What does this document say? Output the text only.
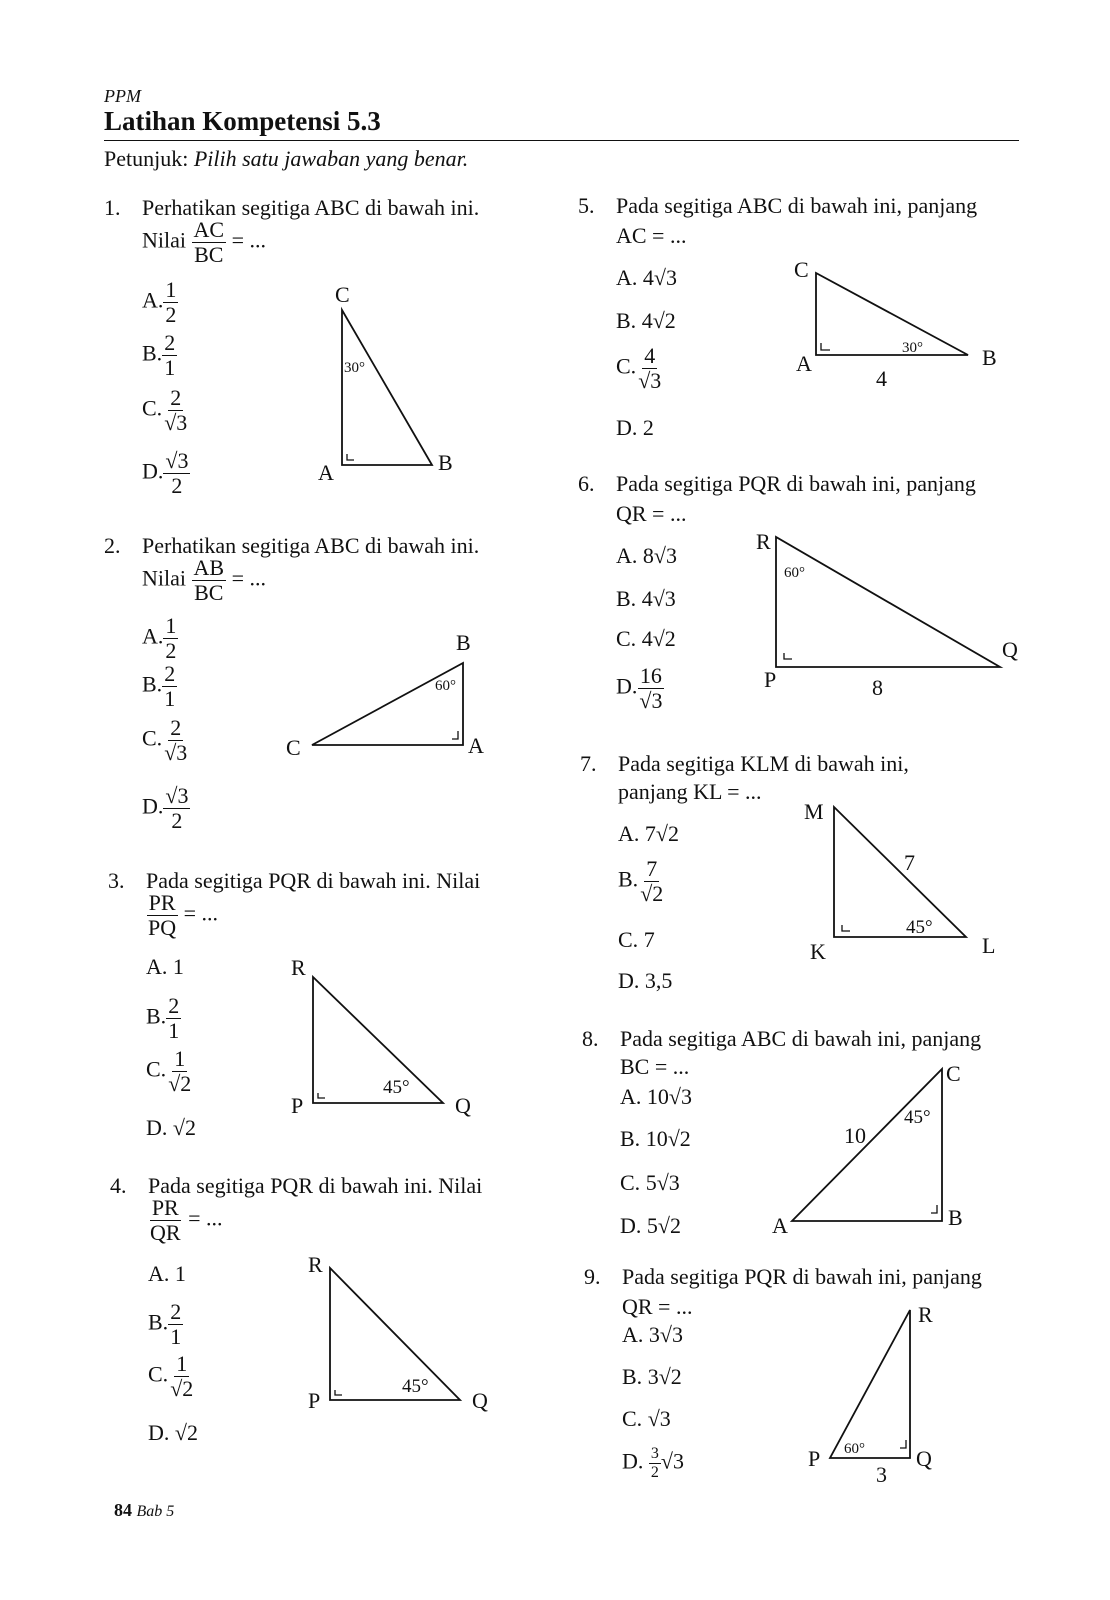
PPM
Latihan Kompetensi 5.3
Petunjuk: Pilih satu jawaban yang benar.
1. Perhatikan segitiga ABC di bawah ini.
Nilai $\frac{AC}{BC}$ = ...
A. $\frac{1}{2}$
B. $\frac{2}{1}$
C. $\frac{2}{√3}$
D. $\frac{√3}{2}$
C
A	B
30°
2. Perhatikan segitiga ABC di bawah ini.
Nilai $\frac{AB}{BC}$ = ...
A. $\frac{1}{2}$
B. $\frac{2}{1}$
C. $\frac{2}{√3}$
D. $\frac{√3}{2}$
B
C	A
60°
3. Pada segitiga PQR di bawah ini. Nilai
$\frac{PR}{PQ}$ = ...
A. 1
B. $\frac{2}{1}$
C. $\frac{1}{√2}$
D. √2
R
P	Q
45°
4. Pada segitiga PQR di bawah ini. Nilai
$\frac{PR}{QR}$ = ...
A. 1
B. $\frac{2}{1}$
C. $\frac{1}{√2}$
D. √2
R
P	Q
45°
5. Pada segitiga ABC di bawah ini, panjang
AC = ...
A. 4√3
B. 4√2
C. $\frac{4}{√3}$
D. 2
C
A	B
30°
4
6. Pada segitiga PQR di bawah ini, panjang
QR = ...
A. 8√3
B. 4√3
C. 4√2
D. $\frac{16}{√3}$
R
P
Q
60°
8
7. Pada segitiga KLM di bawah ini,
panjang KL = ...
A. 7√2
B. $\frac{7}{√2}$
C. 7
D. 3,5
M
K	L
45°
7
8. Pada segitiga ABC di bawah ini, panjang
BC = ...
A. 10√3
B. 10√2
C. 5√3
D. 5√2
C
A	B
45°
10
9. Pada segitiga PQR di bawah ini, panjang
QR = ...
A. 3√3
B. 3√2
C. √3
D. $\frac{3}{2} √3$
R
P	Q
60°
3
84 Bab 5
